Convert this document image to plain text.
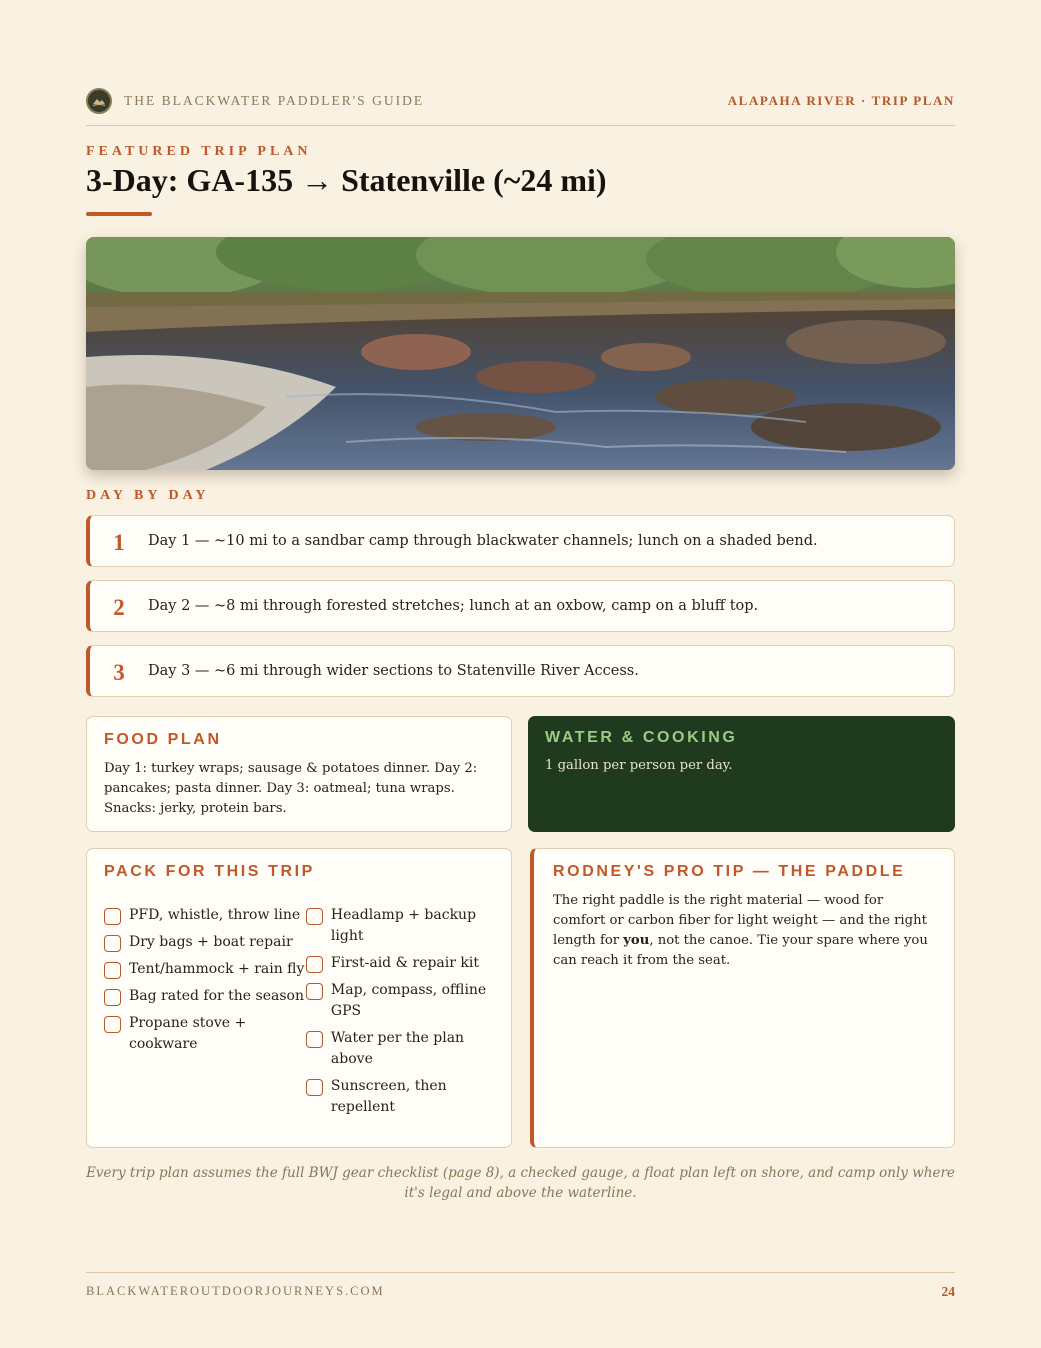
THE BLACKWATER PADDLER'S GUIDE	ALAPAHA RIVER · TRIP PLAN
FEATURED TRIP PLAN
3-Day: GA-135 → Statenville (~24 mi)
DAY BY DAY
1	Day 1 — ~10 mi to a sandbar camp through blackwater channels; lunch on a shaded bend.
2	Day 2 — ~8 mi through forested stretches; lunch at an oxbow, camp on a bluff top.
3	Day 3 — ~6 mi through wider sections to Statenville River Access.
FOOD PLAN
Day 1: turkey wraps; sausage & potatoes dinner. Day 2: pancakes; pasta dinner. Day 3: oatmeal; tuna wraps. Snacks: jerky, protein bars.
WATER & COOKING
1 gallon per person per day.
PACK FOR THIS TRIP
PFD, whistle, throw line
Dry bags + boat repair
Tent/hammock + rain fly
Bag rated for the season
Propane stove + cookware
Headlamp + backup light
First-aid & repair kit
Map, compass, offline GPS
Water per the plan above
Sunscreen, then repellent
RODNEY'S PRO TIP — THE PADDLE
The right paddle is the right material — wood for comfort or carbon fiber for light weight — and the right length for you, not the canoe. Tie your spare where you can reach it from the seat.
Every trip plan assumes the full BWJ gear checklist (page 8), a checked gauge, a float plan left on shore, and camp only where it's legal and above the waterline.
BLACKWATEROUTDOORJOURNEYS.COM	24
